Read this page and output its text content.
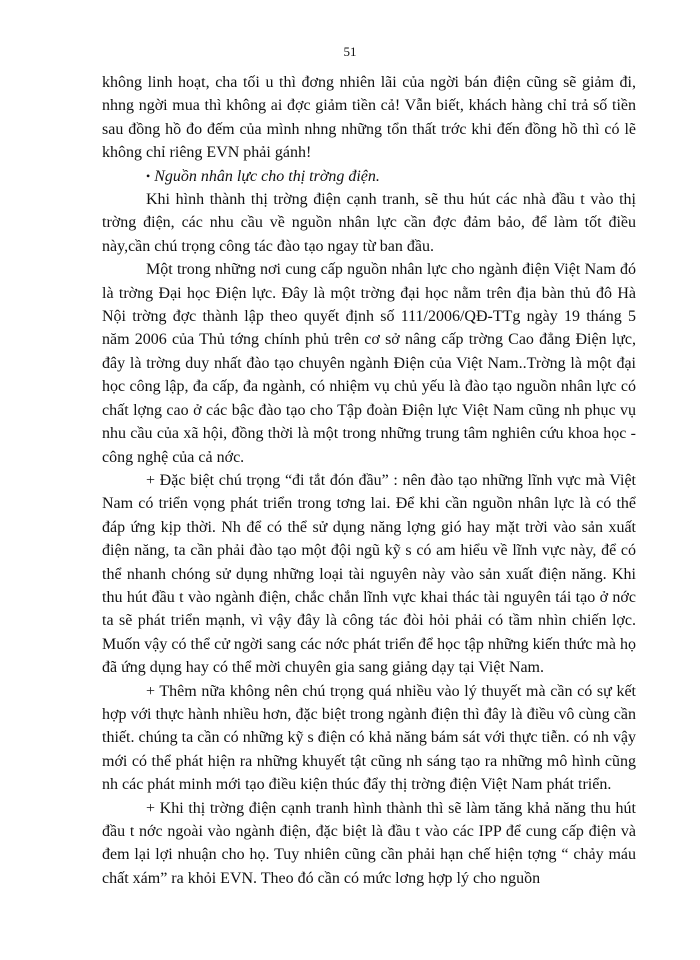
51

không linh hoạt, cha tối u thì đơng nhiên lãi của ngời bán điện cũng sẽ giảm đi, nhng ngời mua thì không ai đợc giảm tiền cả! Vẫn biết, khách hàng chỉ trả số tiền sau đồng hồ đo đếm của mình nhng những tổn thất trớc khi đến đồng hồ thì có lẽ không chỉ riêng EVN phải gánh!

• Nguồn nhân lực cho thị trờng điện.

Khi hình thành thị trờng điện cạnh tranh, sẽ thu hút các nhà đầu t vào thị trờng điện, các nhu cầu về nguồn nhân lực cần đợc đảm bảo, để làm tốt điều này,cần chú trọng công tác đào tạo ngay từ ban đầu.

Một trong những nơi cung cấp nguồn nhân lực cho ngành điện Việt Nam đó là trờng Đại học Điện lực. Đây là một trờng đại học nằm trên địa bàn thủ đô Hà Nội trờng đợc thành lập theo quyết định số 111/2006/QĐ-TTg ngày 19 tháng 5 năm 2006 của Thủ tớng chính phủ trên cơ sở nâng cấp trờng Cao đẳng Điện lực, đây là trờng duy nhất đào tạo chuyên ngành Điện của Việt Nam..Trờng là một đại học công lập, đa cấp, đa ngành, có nhiệm vụ chủ yếu là đào tạo nguồn nhân lực có chất lợng cao ở các bậc đào tạo cho Tập đoàn Điện lực Việt Nam cũng nh phục vụ nhu cầu của xã hội, đồng thời là một trong những trung tâm nghiên cứu khoa học - công nghệ của cả nớc.

+ Đặc biệt chú trọng “đi tắt đón đầu” : nên đào tạo những lĩnh vực mà Việt Nam có triển vọng phát triển trong tơng lai. Để khi cần nguồn nhân lực là có thể đáp ứng kịp thời. Nh để có thể sử dụng năng lợng gió hay mặt trời vào sản xuất điện năng, ta cần phải đào tạo một đội ngũ kỹ s có am hiểu về lĩnh vực này, để có thể nhanh chóng sử dụng những loại tài nguyên này vào sản xuất điện năng. Khi thu hút đầu t vào ngành điện, chắc chắn lĩnh vực khai thác tài nguyên tái tạo ở nớc ta sẽ phát triển mạnh, vì vậy đây là công tác đòi hỏi phải có tầm nhìn chiến lợc. Muốn vậy có thể cử ngời sang các nớc phát triển để học tập những kiến thức mà họ đã ứng dụng hay có thể mời chuyên gia sang giảng dạy tại Việt Nam.

+ Thêm nữa không nên chú trọng quá nhiều vào lý thuyết mà cần có sự kết hợp với thực hành nhiều hơn, đặc biệt trong ngành điện thì đây là điều vô cùng cần thiết. chúng ta cần có những kỹ s điện có khả năng bám sát với thực tiễn. có nh vậy mới có thể phát hiện ra những khuyết tật cũng nh sáng tạo ra những mô hình cũng nh các phát minh mới tạo điều kiện thúc đẩy thị trờng điện Việt Nam phát triển.

+ Khi thị trờng điện cạnh tranh hình thành thì sẽ làm tăng khả năng thu hút đầu t nớc ngoài vào ngành điện, đặc biệt là đầu t vào các IPP để cung cấp điện và đem lại lợi nhuận cho họ. Tuy nhiên cũng cần phải hạn chế hiện tợng “ chảy máu chất xám” ra khỏi EVN. Theo đó cần có mức lơng hợp lý cho nguồn
